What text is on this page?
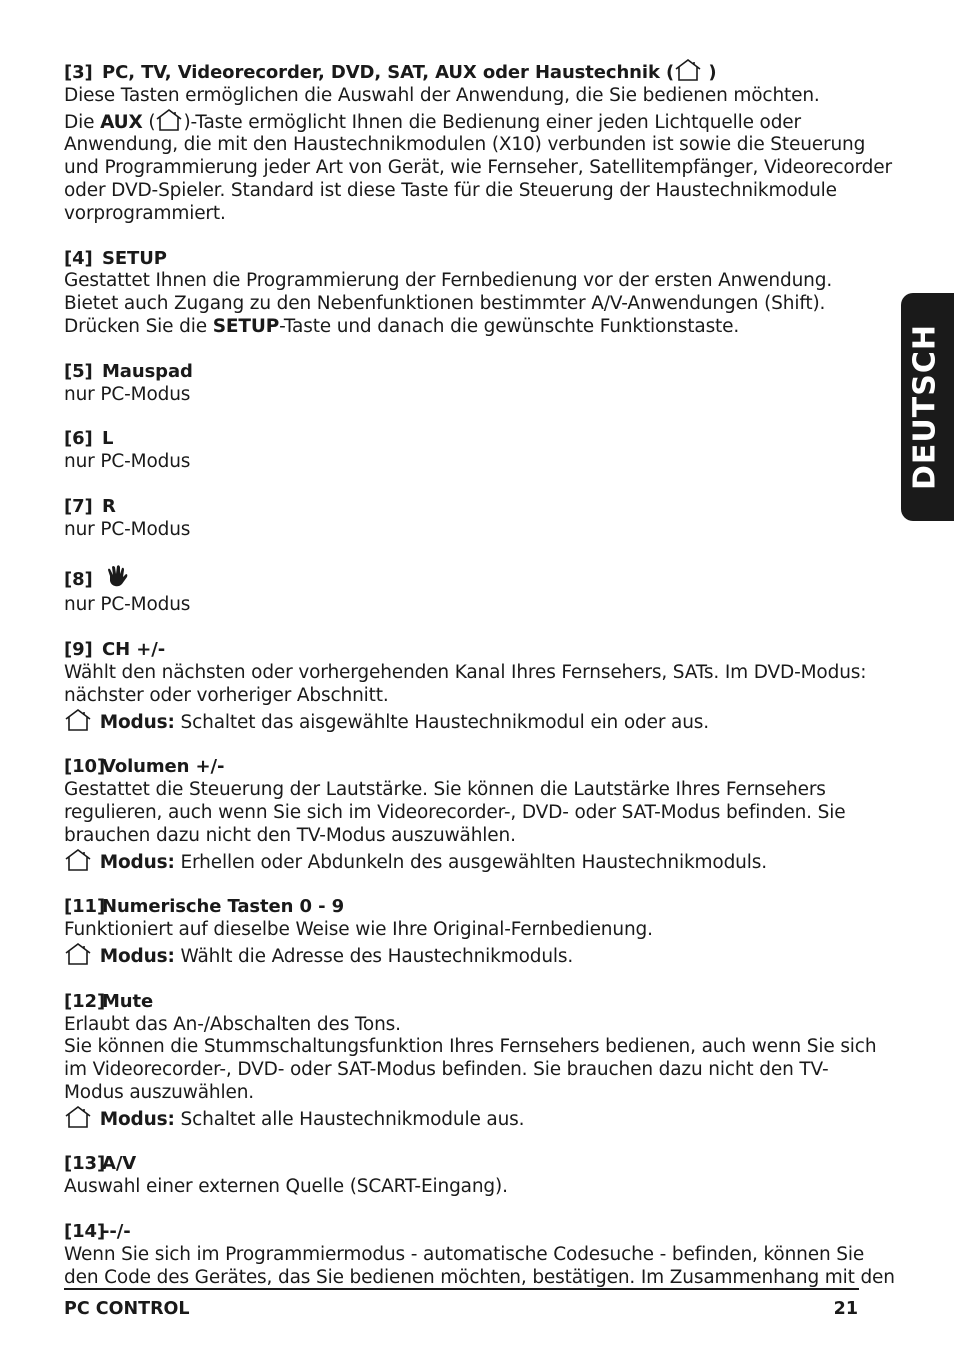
[3] PC, TV, Videorecorder, DVD, SAT, AUX oder Haustechnik ( )
Diese Tasten ermöglichen die Auswahl der Anwendung, die Sie bedienen möchten.
Die AUX ( )-Taste ermöglicht Ihnen die Bedienung einer jeden Lichtquelle oder
Anwendung, die mit den Haustechnikmodulen (X10) verbunden ist sowie die Steuerung
und Programmierung jeder Art von Gerät, wie Fernseher, Satellitempfänger, Videorecorder
oder DVD-Spieler. Standard ist diese Taste für die Steuerung der Haustechnikmodule
vorprogrammiert.
[4] SETUP
Gestattet Ihnen die Programmierung der Fernbedienung vor der ersten Anwendung.
Bietet auch Zugang zu den Nebenfunktionen bestimmter A/V-Anwendungen (Shift).
Drücken Sie die SETUP-Taste und danach die gewünschte Funktionstaste.
[5] Mauspad
nur PC-Modus
[6] L
nur PC-Modus
[7] R
nur PC-Modus
[8]
nur PC-Modus
[9] CH +/-
Wählt den nächsten oder vorhergehenden Kanal Ihres Fernsehers, SATs. Im DVD-Modus:
nächster oder vorheriger Abschnitt.
Modus: Schaltet das aisgewählte Haustechnikmodul ein oder aus.
[10]Volumen +/-
Gestattet die Steuerung der Lautstärke. Sie können die Lautstärke Ihres Fernsehers
regulieren, auch wenn Sie sich im Videorecorder-, DVD- oder SAT-Modus befinden. Sie
brauchen dazu nicht den TV-Modus auszuwählen.
Modus: Erhellen oder Abdunkeln des ausgewählten Haustechnikmoduls.
[11]Numerische Tasten 0 - 9
Funktioniert auf dieselbe Weise wie Ihre Original-Fernbedienung.
Modus: Wählt die Adresse des Haustechnikmoduls.
[12]Mute
Erlaubt das An-/Abschalten des Tons.
Sie können die Stummschaltungsfunktion Ihres Fernsehers bedienen, auch wenn Sie sich
im Videorecorder-, DVD- oder SAT-Modus befinden. Sie brauchen dazu nicht den TV-
Modus auszuwählen.
Modus: Schaltet alle Haustechnikmodule aus.
[13]A/V
Auswahl einer externen Quelle (SCART-Eingang).
[14]--/-
Wenn Sie sich im Programmiermodus - automatische Codesuche - befinden, können Sie
den Code des Gerätes, das Sie bedienen möchten, bestätigen. Im Zusammenhang mit den
DEUTSCH
PC CONTROL	21
